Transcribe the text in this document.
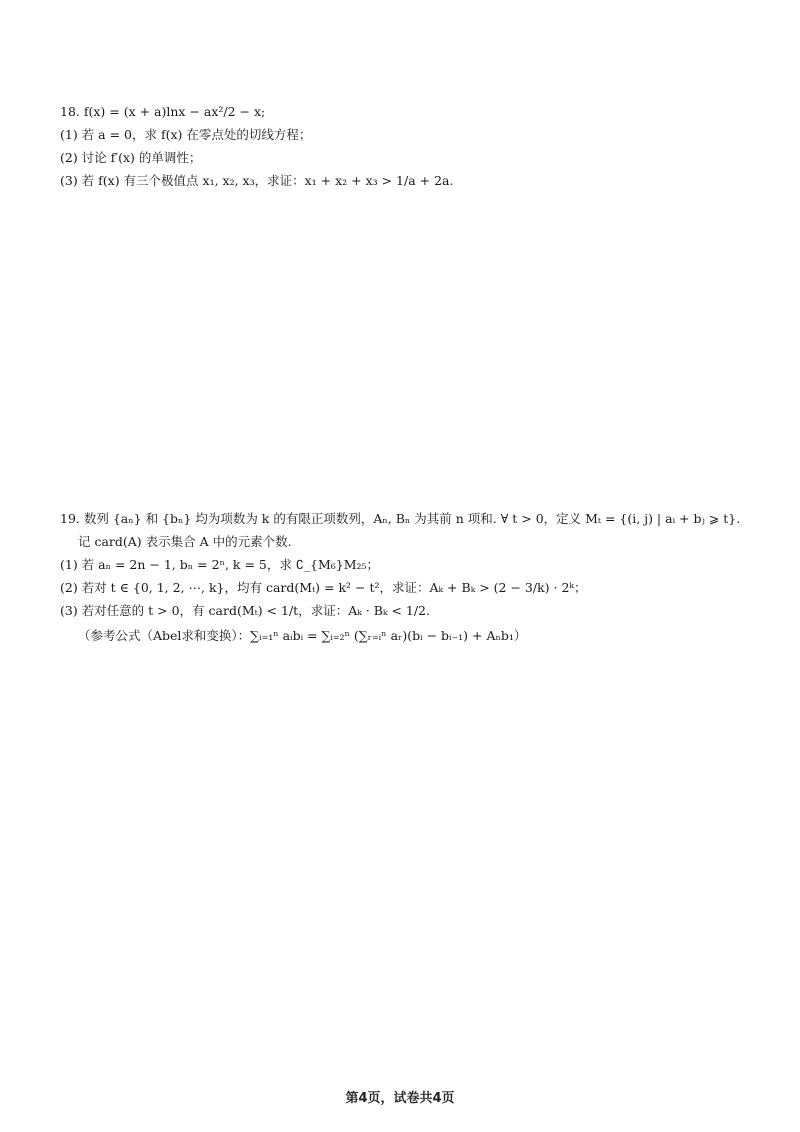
18. f(x) = (x + a)lnx − ax²/2 − x;
(1) 若 a = 0，求 f(x) 在零点处的切线方程；
(2) 讨论 f′(x) 的单调性；
(3) 若 f(x) 有三个极值点 x₁, x₂, x₃，求证：x₁ + x₂ + x₃ > 1/a + 2a.
19. 数列 {aₙ} 和 {bₙ} 均为项数为 k 的有限正项数列，Aₙ, Bₙ 为其前 n 项和. ∀ t > 0，定义 Mₜ = {(i, j) | aᵢ + bⱼ ⩾ t}.
记 card(A) 表示集合 A 中的元素个数.
(1) 若 aₙ = 2n − 1, bₙ = 2ⁿ, k = 5，求 ∁_{M₆}M₂₅；
(2) 若对 t ∈ {0, 1, 2, ⋯, k}，均有 card(Mₜ) = k² − t²，求证：Aₖ + Bₖ > (2 − 3/k) · 2ᵏ；
(3) 若对任意的 t > 0，有 card(Mₜ) < 1/t，求证：Aₖ · Bₖ < 1/2.
（参考公式（Abel求和变换）：∑ᵢ₌₁ⁿ aᵢbᵢ = ∑ᵢ₌₂ⁿ (∑ᵣ₌ᵢⁿ aᵣ)(bᵢ − bᵢ₋₁) + Aₙb₁）
第4页，试卷共4页
